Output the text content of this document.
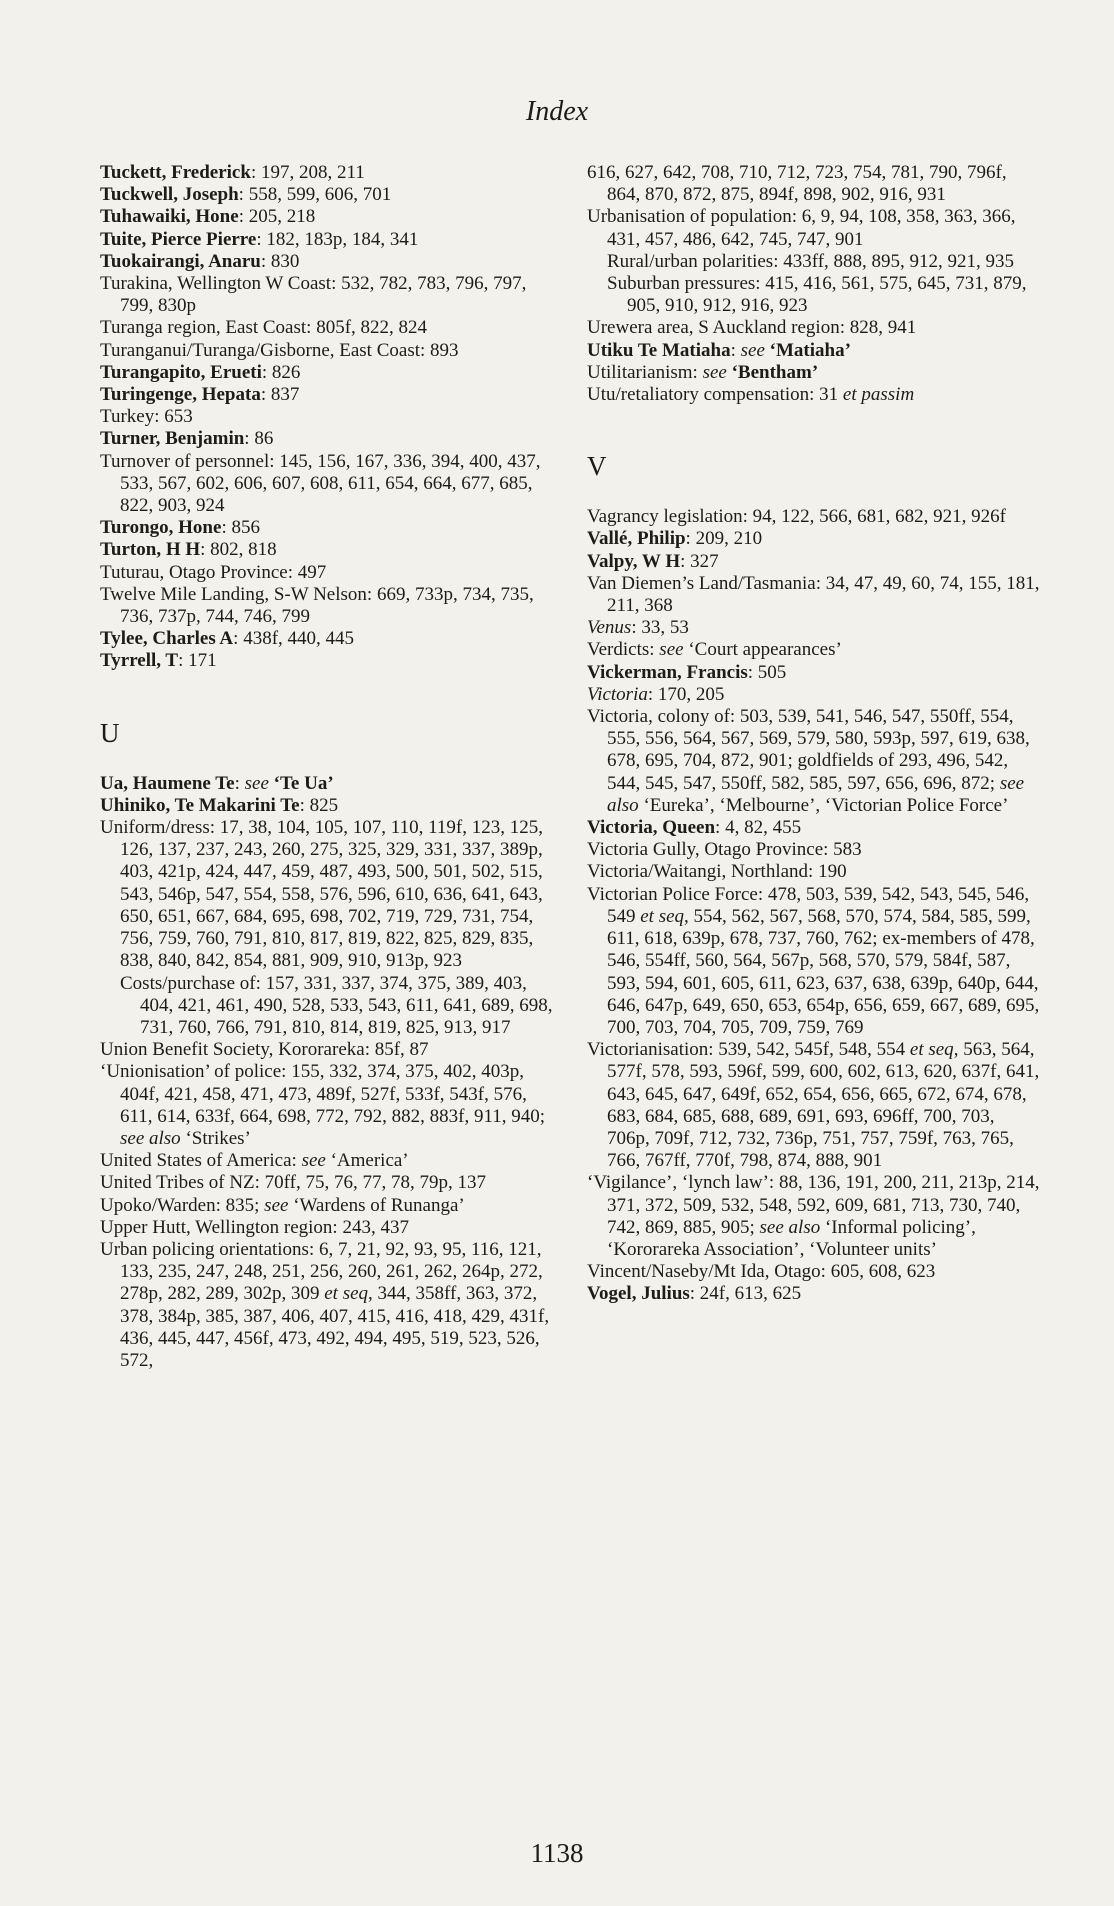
Index
Tuckett, Frederick: 197, 208, 211
Tuckwell, Joseph: 558, 599, 606, 701
Tuhawaiki, Hone: 205, 218
Tuite, Pierce Pierre: 182, 183p, 184, 341
Tuokairangi, Anaru: 830
Turakina, Wellington W Coast: 532, 782, 783, 796, 797, 799, 830p
Turanga region, East Coast: 805f, 822, 824
Turanganui/Turanga/Gisborne, East Coast: 893
Turangapito, Erueti: 826
Turingenge, Hepata: 837
Turkey: 653
Turner, Benjamin: 86
Turnover of personnel: 145, 156, 167, 336, 394, 400, 437, 533, 567, 602, 606, 607, 608, 611, 654, 664, 677, 685, 822, 903, 924
Turongo, Hone: 856
Turton, H H: 802, 818
Tuturau, Otago Province: 497
Twelve Mile Landing, S-W Nelson: 669, 733p, 734, 735, 736, 737p, 744, 746, 799
Tylee, Charles A: 438f, 440, 445
Tyrrell, T: 171
U
Ua, Haumene Te: see ‘Te Ua’
Uhiniko, Te Makarini Te: 825
Uniform/dress: 17, 38, 104, 105, 107, 110, 119f, 123, 125, 126, 137, 237, 243, 260, 275, 325, 329, 331, 337, 389p, 403, 421p, 424, 447, 459, 487, 493, 500, 501, 502, 515, 543, 546p, 547, 554, 558, 576, 596, 610, 636, 641, 643, 650, 651, 667, 684, 695, 698, 702, 719, 729, 731, 754, 756, 759, 760, 791, 810, 817, 819, 822, 825, 829, 835, 838, 840, 842, 854, 881, 909, 910, 913p, 923
Costs/purchase of: 157, 331, 337, 374, 375, 389, 403, 404, 421, 461, 490, 528, 533, 543, 611, 641, 689, 698, 731, 760, 766, 791, 810, 814, 819, 825, 913, 917
Union Benefit Society, Kororareka: 85f, 87
‘Unionisation’ of police: 155, 332, 374, 375, 402, 403p, 404f, 421, 458, 471, 473, 489f, 527f, 533f, 543f, 576, 611, 614, 633f, 664, 698, 772, 792, 882, 883f, 911, 940; see also ‘Strikes’
United States of America: see ‘America’
United Tribes of NZ: 70ff, 75, 76, 77, 78, 79p, 137
Upoko/Warden: 835; see ‘Wardens of Runanga’
Upper Hutt, Wellington region: 243, 437
Urban policing orientations: 6, 7, 21, 92, 93, 95, 116, 121, 133, 235, 247, 248, 251, 256, 260, 261, 262, 264p, 272, 278p, 282, 289, 302p, 309 et seq, 344, 358ff, 363, 372, 378, 384p, 385, 387, 406, 407, 415, 416, 418, 429, 431f, 436, 445, 447, 456f, 473, 492, 494, 495, 519, 523, 526, 572,
616, 627, 642, 708, 710, 712, 723, 754, 781, 790, 796f, 864, 870, 872, 875, 894f, 898, 902, 916, 931
Urbanisation of population: 6, 9, 94, 108, 358, 363, 366, 431, 457, 486, 642, 745, 747, 901
Rural/urban polarities: 433ff, 888, 895, 912, 921, 935
Suburban pressures: 415, 416, 561, 575, 645, 731, 879, 905, 910, 912, 916, 923
Urewera area, S Auckland region: 828, 941
Utiku Te Matiaha: see ‘Matiaha’
Utilitarianism: see ‘Bentham’
Utu/retaliatory compensation: 31 et passim
V
Vagrancy legislation: 94, 122, 566, 681, 682, 921, 926f
Vallé, Philip: 209, 210
Valpy, W H: 327
Van Diemen’s Land/Tasmania: 34, 47, 49, 60, 74, 155, 181, 211, 368
Venus: 33, 53
Verdicts: see ‘Court appearances’
Vickerman, Francis: 505
Victoria: 170, 205
Victoria, colony of: 503, 539, 541, 546, 547, 550ff, 554, 555, 556, 564, 567, 569, 579, 580, 593p, 597, 619, 638, 678, 695, 704, 872, 901; goldfields of 293, 496, 542, 544, 545, 547, 550ff, 582, 585, 597, 656, 696, 872; see also ‘Eureka’, ‘Melbourne’, ‘Victorian Police Force’
Victoria, Queen: 4, 82, 455
Victoria Gully, Otago Province: 583
Victoria/Waitangi, Northland: 190
Victorian Police Force: 478, 503, 539, 542, 543, 545, 546, 549 et seq, 554, 562, 567, 568, 570, 574, 584, 585, 599, 611, 618, 639p, 678, 737, 760, 762; ex-members of 478, 546, 554ff, 560, 564, 567p, 568, 570, 579, 584f, 587, 593, 594, 601, 605, 611, 623, 637, 638, 639p, 640p, 644, 646, 647p, 649, 650, 653, 654p, 656, 659, 667, 689, 695, 700, 703, 704, 705, 709, 759, 769
Victorianisation: 539, 542, 545f, 548, 554 et seq, 563, 564, 577f, 578, 593, 596f, 599, 600, 602, 613, 620, 637f, 641, 643, 645, 647, 649f, 652, 654, 656, 665, 672, 674, 678, 683, 684, 685, 688, 689, 691, 693, 696ff, 700, 703, 706p, 709f, 712, 732, 736p, 751, 757, 759f, 763, 765, 766, 767ff, 770f, 798, 874, 888, 901
‘Vigilance’, ‘lynch law’: 88, 136, 191, 200, 211, 213p, 214, 371, 372, 509, 532, 548, 592, 609, 681, 713, 730, 740, 742, 869, 885, 905; see also ‘Informal policing’, ‘Kororareka Association’, ‘Volunteer units’
Vincent/Naseby/Mt Ida, Otago: 605, 608, 623
Vogel, Julius: 24f, 613, 625
1138
